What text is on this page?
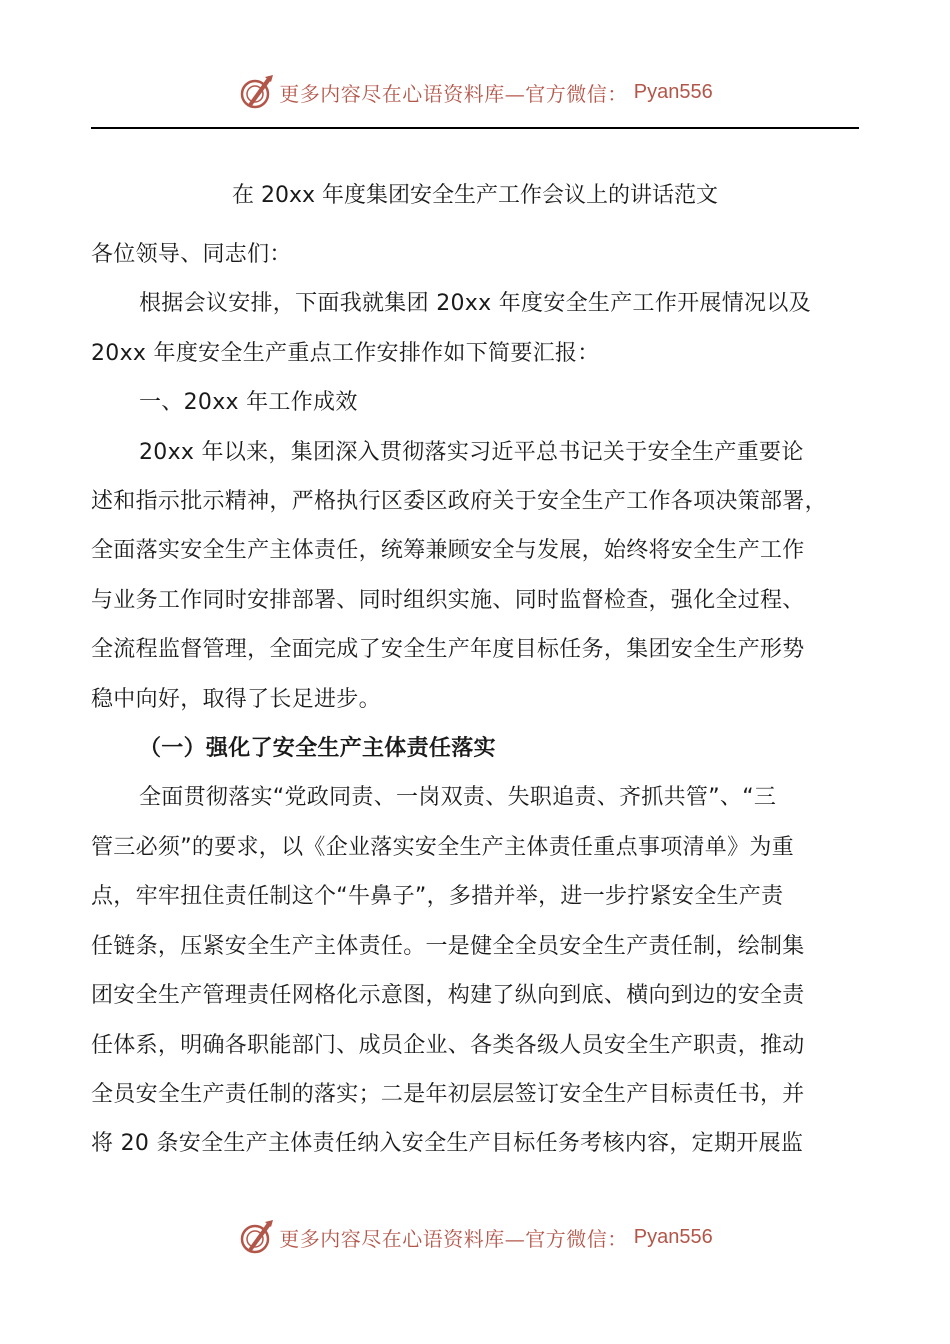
更多内容尽在心语资料库—官方微信： Pyan556
在 20xx 年度集团安全生产工作会议上的讲话范文

各位领导、同志们：

根据会议安排，下面我就集团 20xx 年度安全生产工作开展情况以及

20xx 年度安全生产重点工作安排作如下简要汇报：

一、20xx 年工作成效

20xx 年以来，集团深入贯彻落实习近平总书记关于安全生产重要论

述和指示批示精神，严格执行区委区政府关于安全生产工作各项决策部署，

全面落实安全生产主体责任，统筹兼顾安全与发展，始终将安全生产工作

与业务工作同时安排部署、同时组织实施、同时监督检查，强化全过程、

全流程监督管理，全面完成了安全生产年度目标任务，集团安全生产形势

稳中向好，取得了长足进步。

（一）强化了安全生产主体责任落实

全面贯彻落实“党政同责、一岗双责、失职追责、齐抓共管”、“三

管三必须”的要求，以《企业落实安全生产主体责任重点事项清单》为重

点，牢牢扭住责任制这个“牛鼻子”，多措并举，进一步拧紧安全生产责

任链条，压紧安全生产主体责任。一是健全全员安全生产责任制，绘制集

团安全生产管理责任网格化示意图，构建了纵向到底、横向到边的安全责

任体系，明确各职能部门、成员企业、各类各级人员安全生产职责，推动

全员安全生产责任制的落实；二是年初层层签订安全生产目标责任书，并

将 20 条安全生产主体责任纳入安全生产目标任务考核内容，定期开展监

更多内容尽在心语资料库—官方微信： Pyan556
